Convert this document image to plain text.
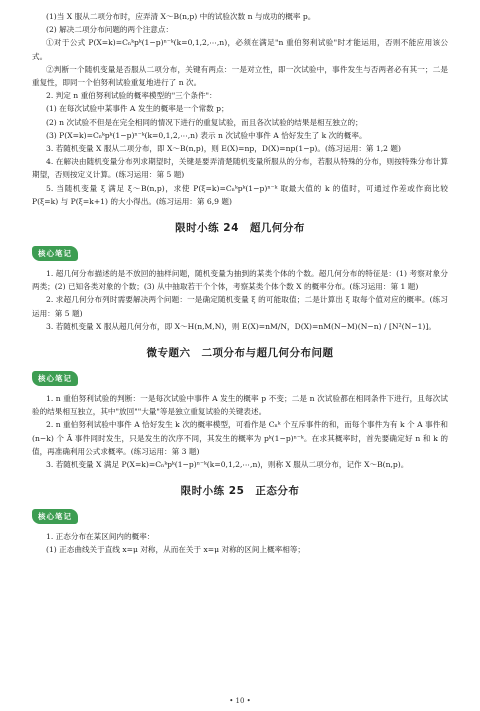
(1)当 X 服从二项分布时，应弄清 X～B(n,p) 中的试验次数 n 与成功的概率 p。

(2) 解决二项分布问题的两个注意点：

①对于公式 P(X=k)=Cₙᵏpᵏ(1−p)ⁿ⁻ᵏ(k=0,1,2,⋯,n)，必须在满足"n 重伯努利试验"时才能运用，否则不能应用该公式。

②判断一个随机变量是否服从二项分布，关键有两点：一是对立性，即一次试验中，事件发生与否两者必有其一；二是重复性，即同一个伯努利试验重复地进行了 n 次。

2. 判定 n 重伯努利试验的概率模型的"三个条件"：

(1) 在每次试验中某事件 A 发生的概率是一个常数 p；

(2) n 次试验不但是在完全相同的情况下进行的重复试验，而且各次试验的结果是相互独立的；

(3) P(X=k)=Cₙᵏpᵏ(1−p)ⁿ⁻ᵏ(k=0,1,2,⋯,n) 表示 n 次试验中事件 A 恰好发生了 k 次的概率。

3. 若随机变量 X 服从二项分布，即 X～B(n,p)，则 E(X)=np，D(X)=np(1−p)。(练习运用：第 1,2 题)

4. 在解决由随机变量分布列求期望时，关键是要弄清楚随机变量所服从的分布，若服从特殊的分布，则按特殊分布计算期望，否则按定义计算。(练习运用：第 5 题)

5. 当随机变量 ξ 满足 ξ～B(n,p)，求使 P(ξ=k)=Cₙᵏpᵏ(1−p)ⁿ⁻ᵏ 取最大值的 k 的值时，可通过作差或作商比较 P(ξ=k) 与 P(ξ=k+1) 的大小得出。(练习运用：第 6,9 题)

限时小练 24　超几何分布
核心笔记

1. 超几何分布描述的是不放回的抽样问题，随机变量为抽到的某类个体的个数。超几何分布的特征是：(1) 考察对象分两类；(2) 已知各类对象的个数；(3) 从中抽取若干个个体，考察某类个体个数 X 的概率分布。(练习运用：第 1 题)

2. 求超几何分布列时需要解决两个问题：一是确定随机变量 ξ 的可能取值；二是计算出 ξ 取每个值对应的概率。(练习运用：第 5 题)

3. 若随机变量 X 服从超几何分布，即 X～H(n,M,N)，则 E(X)=nM/N，D(X)=nM(N−M)(N−n) / [N²(N−1)]。

微专题六　二项分布与超几何分布问题
核心笔记

1. n 重伯努利试验的判断：一是每次试验中事件 A 发生的概率 p 不变；二是 n 次试验都在相同条件下进行，且每次试验的结果相互独立，其中"放回""大量"等是独立重复试验的关键表述。

2. n 重伯努利试验中事件 A 恰好发生 k 次的概率模型，可看作是 Cₙᵏ 个互斥事件的和，而每个事件为有 k 个 A 事件和 (n−k) 个 Ā 事件同时发生，只是发生的次序不同，其发生的概率为 pᵏ(1−p)ⁿ⁻ᵏ。在求其概率时，首先要确定好 n 和 k 的值，再准确利用公式求概率。(练习运用：第 3 题)

3. 若随机变量 X 满足 P(X=k)=Cₙᵏpᵏ(1−p)ⁿ⁻ᵏ(k=0,1,2,⋯,n)，则称 X 服从二项分布，记作 X～B(n,p)。

限时小练 25　正态分布
核心笔记

1. 正态分布在某区间内的概率：

(1) 正态曲线关于直线 x=μ 对称，从而在关于 x=μ 对称的区间上概率相等；

• 10 •
